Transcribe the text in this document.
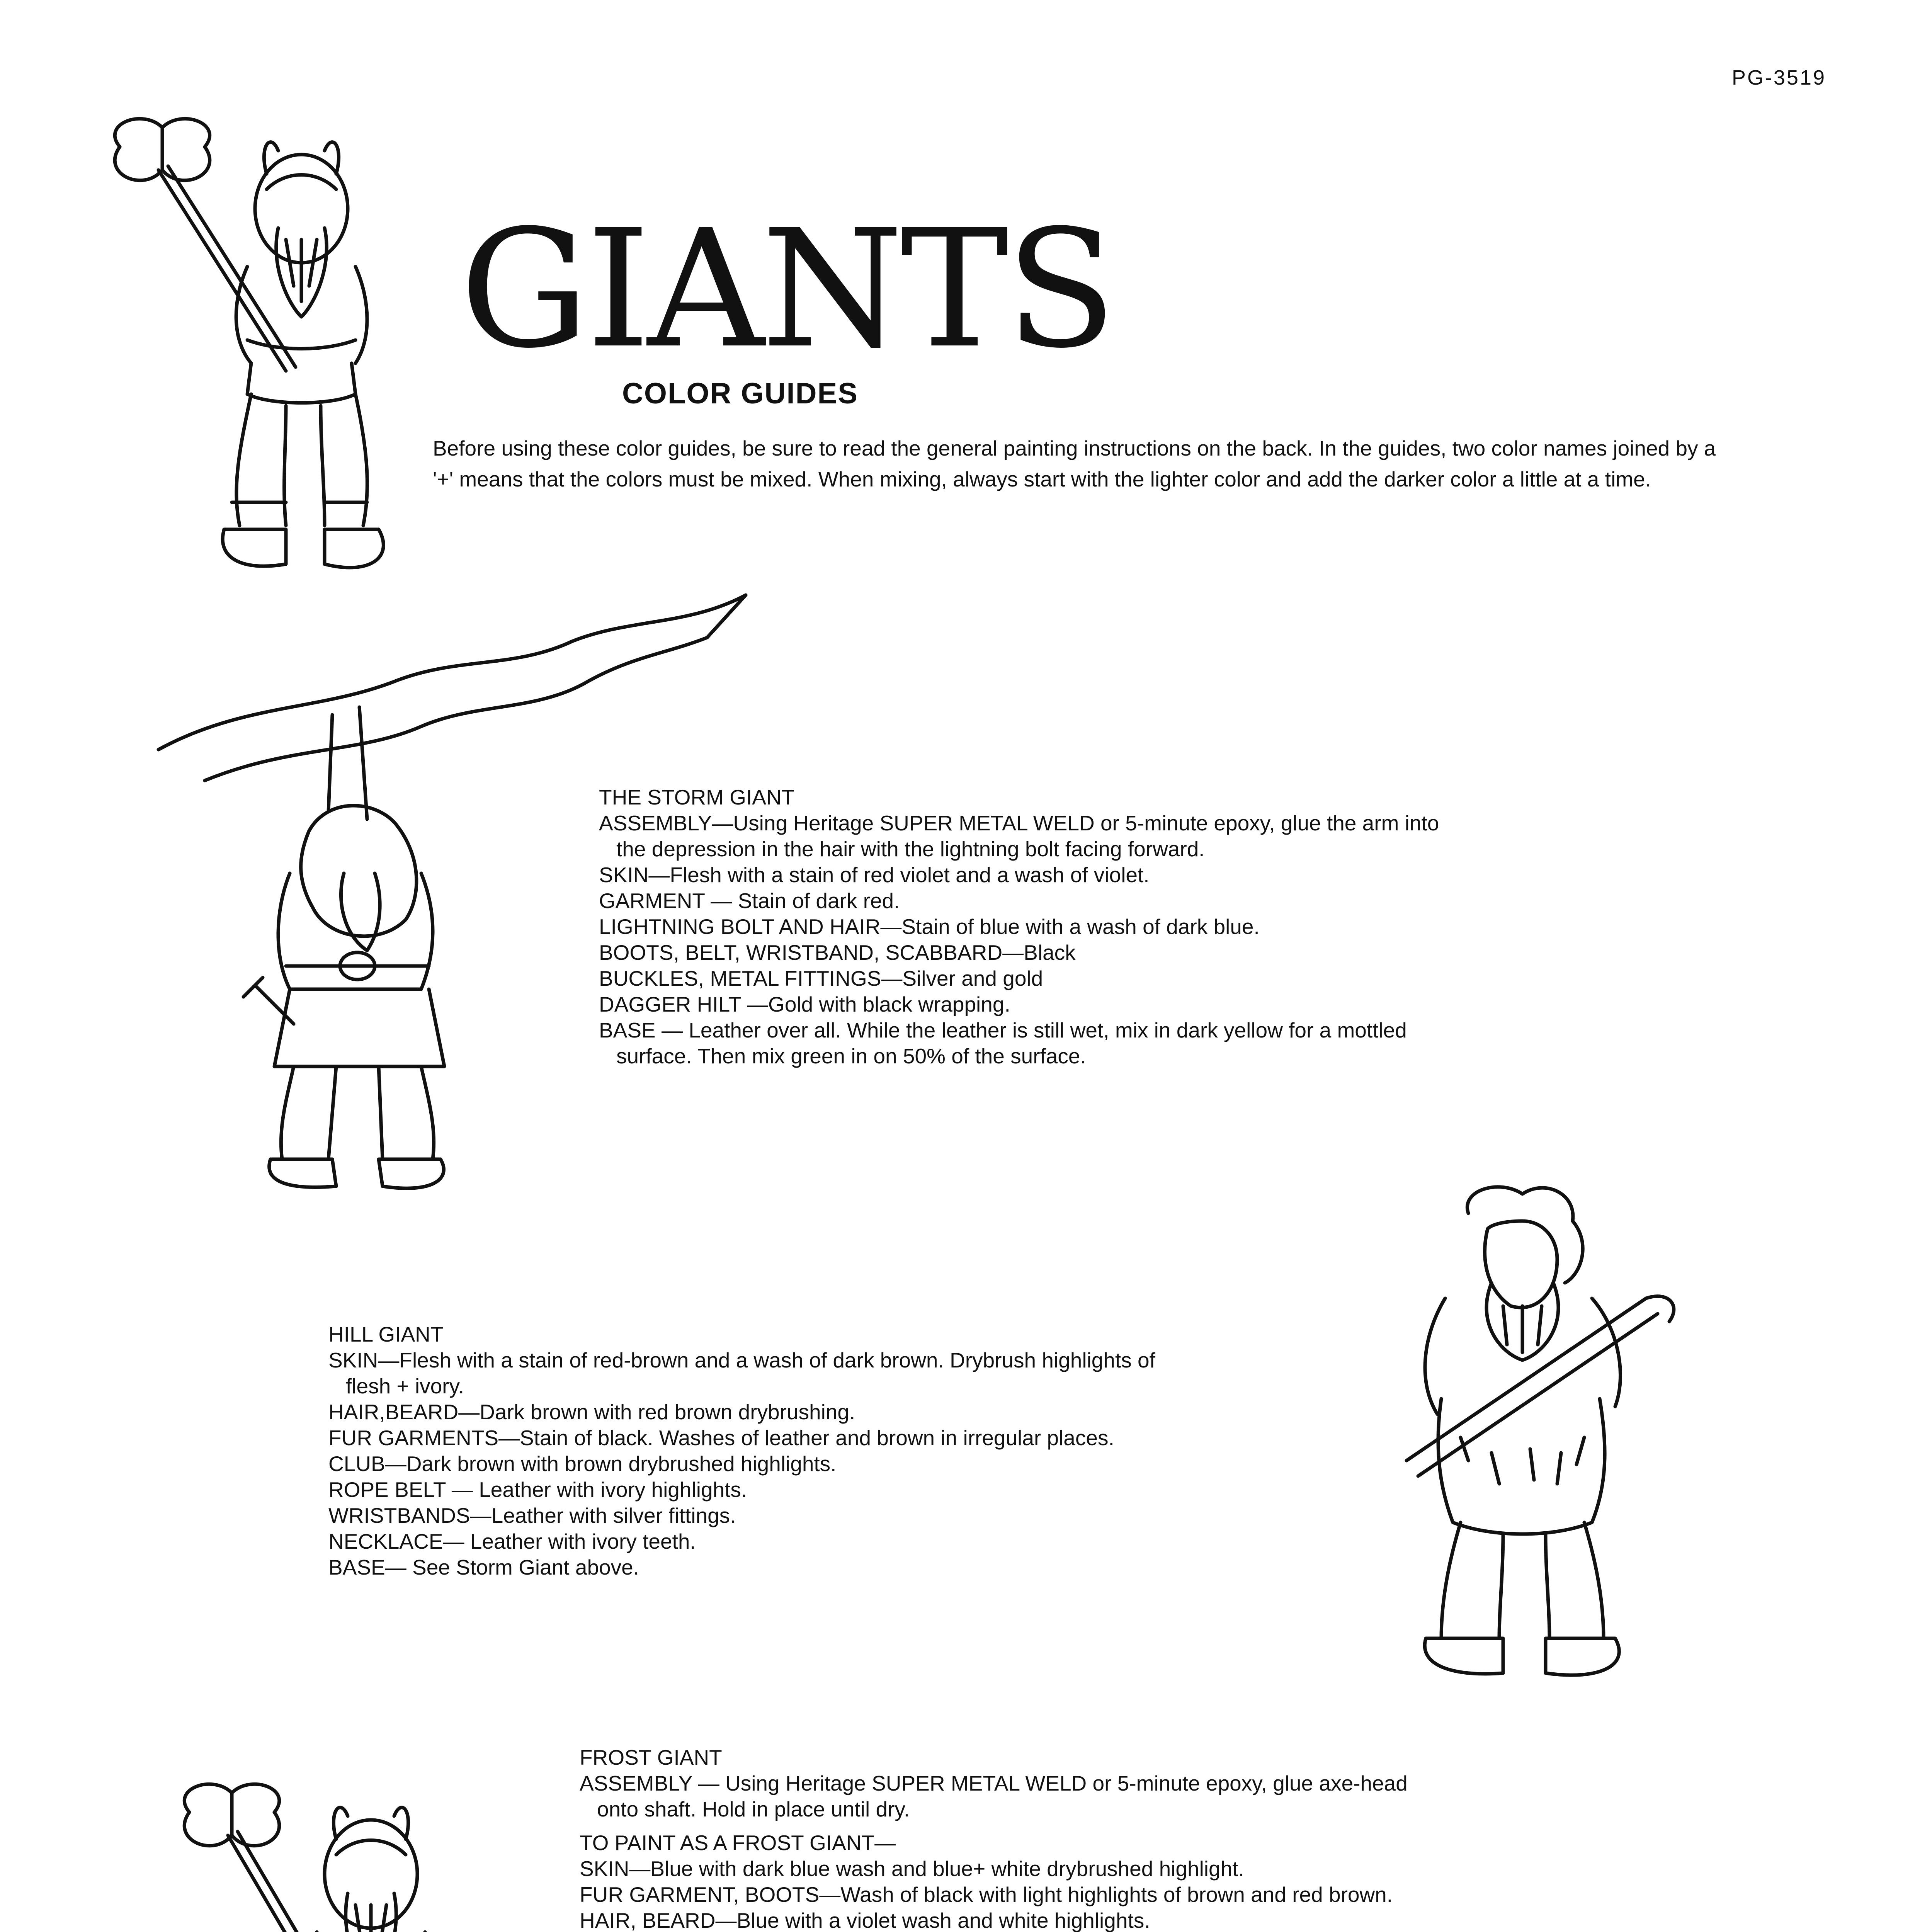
PG-3519
GIANTS
COLOR GUIDES
Before using these color guides, be sure to read the general painting instructions on the back. In the guides, two color names joined by a
'+' means that the colors must be mixed. When mixing, always start with the lighter color and add the darker color a little at a time.

THE STORM GIANT

ASSEMBLY—Using Heritage SUPER METAL WELD or 5-minute epoxy, glue the arm into

the depression in the hair with the lightning bolt facing forward.

SKIN—Flesh with a stain of red violet and a wash of violet.

GARMENT — Stain of dark red.

LIGHTNING BOLT AND HAIR—Stain of blue with a wash of dark blue.

BOOTS, BELT, WRISTBAND, SCABBARD—Black

BUCKLES, METAL FITTINGS—Silver and gold

DAGGER HILT —Gold with black wrapping.

BASE — Leather over all. While the leather is still wet, mix in dark yellow for a mottled

surface. Then mix green in on 50% of the surface.

HILL GIANT

SKIN—Flesh with a stain of red-brown and a wash of dark brown. Drybrush highlights of

flesh + ivory.

HAIR,BEARD—Dark brown with red brown drybrushing.

FUR GARMENTS—Stain of black. Washes of leather and brown in irregular places.

CLUB—Dark brown with brown drybrushed highlights.

ROPE BELT — Leather with ivory highlights.

WRISTBANDS—Leather with silver fittings.

NECKLACE— Leather with ivory teeth.

BASE— See Storm Giant above.

FROST GIANT

ASSEMBLY — Using Heritage SUPER METAL WELD or 5-minute epoxy, glue axe-head

onto shaft. Hold in place until dry.

TO PAINT AS A FROST GIANT—

SKIN—Blue with dark blue wash and blue+ white drybrushed highlight.

FUR GARMENT, BOOTS—Wash of black with light highlights of brown and red brown.

HAIR, BEARD—Blue with a violet wash and white highlights.
